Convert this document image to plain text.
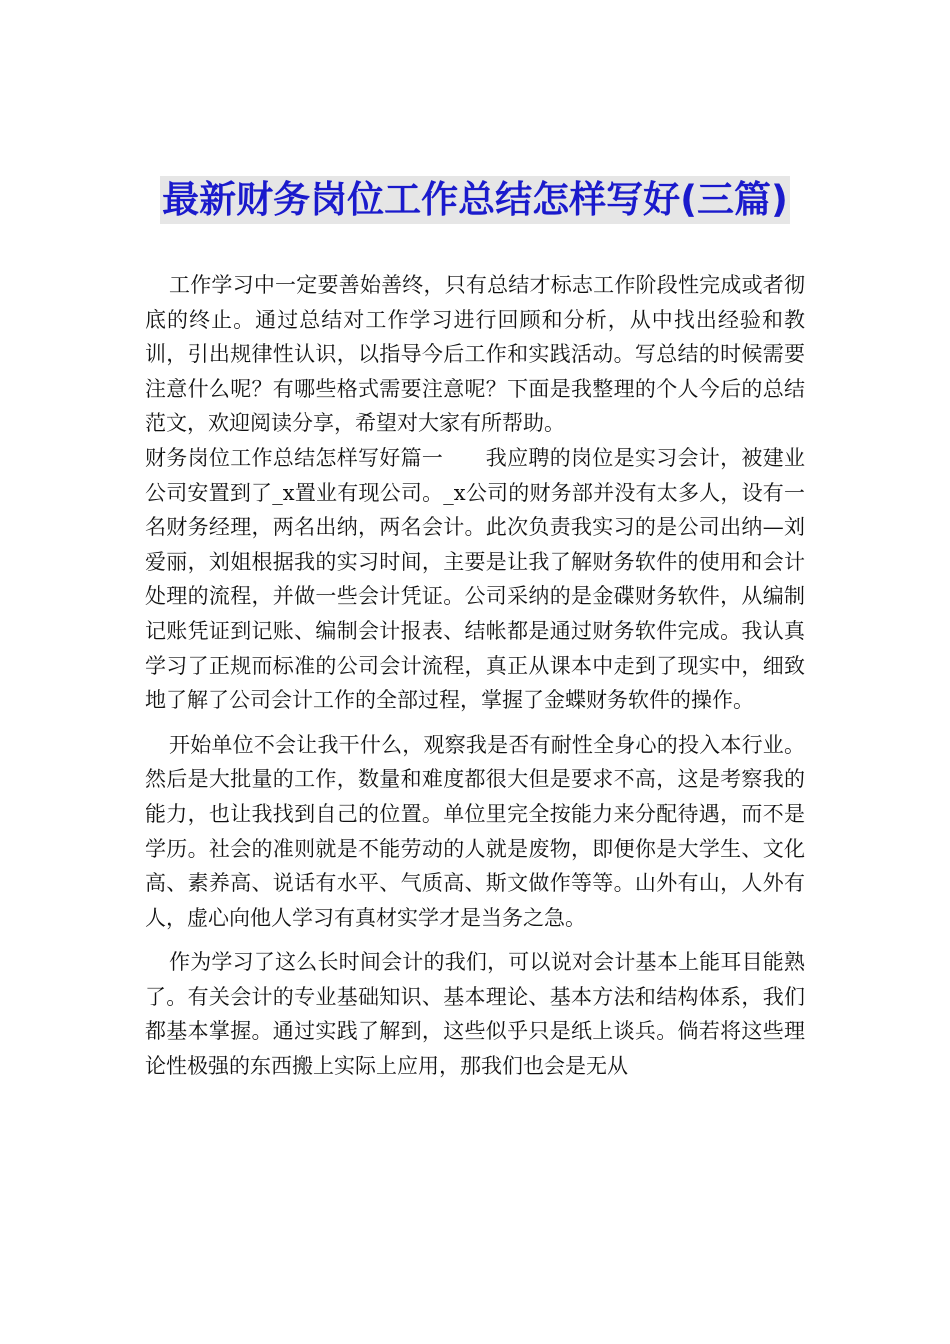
最新财务岗位工作总结怎样写好(三篇)

工作学习中一定要善始善终，只有总结才标志工作阶段性完成或者彻底的终止。通过总结对工作学习进行回顾和分析，从中找出经验和教训，引出规律性认识，以指导今后工作和实践活动。写总结的时候需要注意什么呢？有哪些格式需要注意呢？下面是我整理的个人今后的总结范文，欢迎阅读分享，希望对大家有所帮助。

财务岗位工作总结怎样写好篇一　　我应聘的岗位是实习会计，被建业公司安置到了_x置业有现公司。_x公司的财务部并没有太多人，设有一名财务经理，两名出纳，两名会计。此次负责我实习的是公司出纳—刘爱丽，刘姐根据我的实习时间，主要是让我了解财务软件的使用和会计处理的流程，并做一些会计凭证。公司采纳的是金碟财务软件，从编制记账凭证到记账、编制会计报表、结帐都是通过财务软件完成。我认真学习了正规而标准的公司会计流程，真正从课本中走到了现实中，细致地了解了公司会计工作的全部过程，掌握了金蝶财务软件的操作。

开始单位不会让我干什么，观察我是否有耐性全身心的投入本行业。然后是大批量的工作，数量和难度都很大但是要求不高，这是考察我的能力，也让我找到自己的位置。单位里完全按能力来分配待遇，而不是学历。社会的准则就是不能劳动的人就是废物，即便你是大学生、文化高、素养高、说话有水平、气质高、斯文做作等等。山外有山，人外有人，虚心向他人学习有真材实学才是当务之急。

作为学习了这么长时间会计的我们，可以说对会计基本上能耳目能熟了。有关会计的专业基础知识、基本理论、基本方法和结构体系，我们都基本掌握。通过实践了解到，这些似乎只是纸上谈兵。倘若将这些理论性极强的东西搬上实际上应用，那我们也会是无从
